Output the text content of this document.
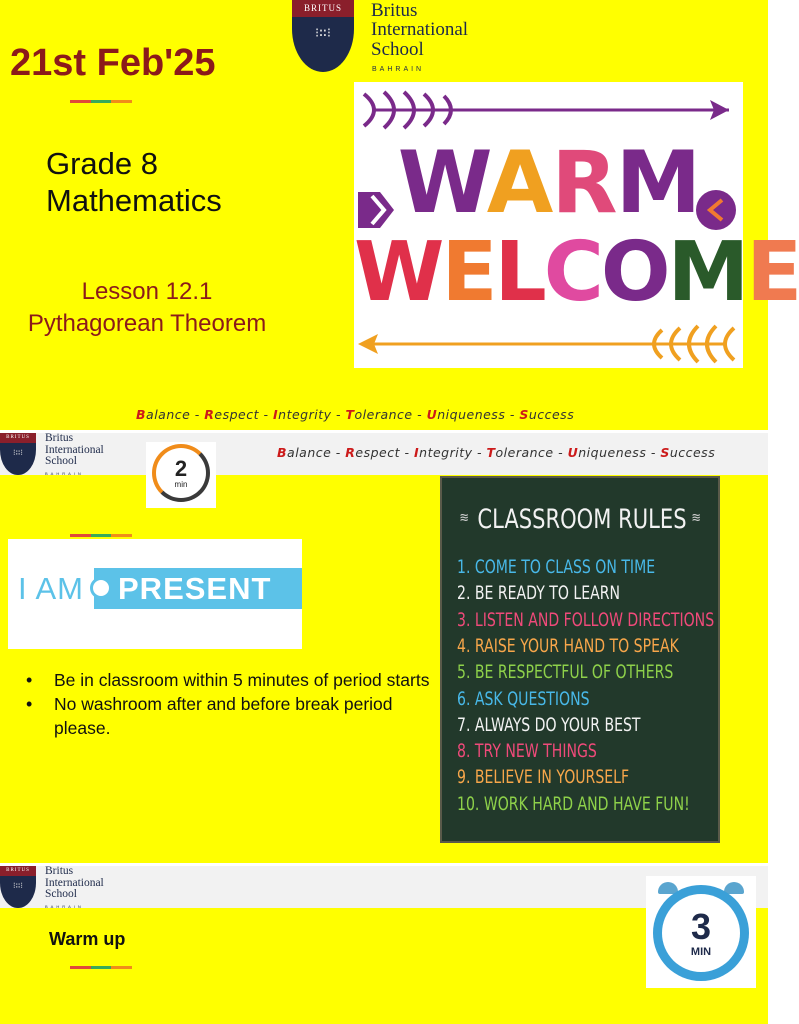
BRITUS
⁝∷⁝
Britus
International
School
BAHRAIN
21st Feb'25
Grade 8
Mathematics
Lesson 12.1
Pythagorean Theorem
WARM
WELCOME
Balance - Respect - Integrity - Tolerance - Uniqueness - Success
BRITUS
⁝∷⁝
Britus
International
School
BAHRAIN
Balance - Respect - Integrity - Tolerance - Uniqueness - Success
2
min
I AM	PRESENT
• Be in classroom within 5 minutes of period starts
• No washroom after and before break period please.
≋ CLASSROOM RULES ≋
1. COME TO CLASS ON TIME
2. BE READY TO LEARN
3. LISTEN AND FOLLOW DIRECTIONS
4. RAISE YOUR HAND TO SPEAK
5. BE RESPECTFUL OF OTHERS
6. ASK QUESTIONS
7. ALWAYS DO YOUR BEST
8. TRY NEW THINGS
9. BELIEVE IN YOURSELF
10. WORK HARD AND HAVE FUN!
BRITUS
⁝∷⁝
Britus
International
School
BAHRAIN
Warm up	3
MIN
